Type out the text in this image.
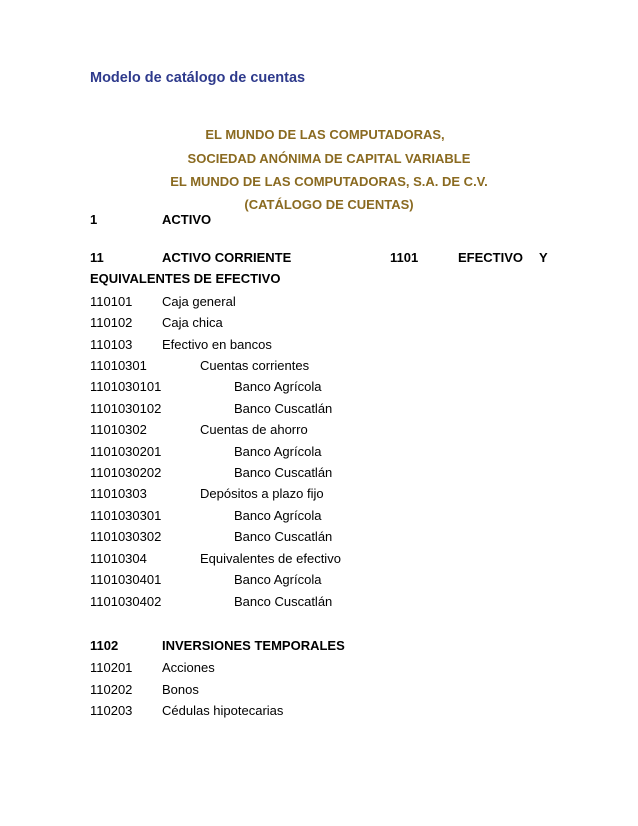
Modelo de catálogo de cuentas
EL MUNDO DE LAS COMPUTADORAS,
SOCIEDAD ANÓNIMA DE CAPITAL VARIABLE
EL MUNDO DE LAS COMPUTADORAS, S.A. DE C.V.
(CATÁLOGO DE CUENTAS)
1	ACTIVO
11	ACTIVO CORRIENTE	1101	EFECTIVO Y
EQUIVALENTES DE EFECTIVO
110101 Caja general
110102 Caja chica
110103 Efectivo en bancos
11010301	Cuentas corrientes
1101030101	Banco Agrícola
1101030102	Banco Cuscatlán
11010302	Cuentas de ahorro
1101030201	Banco Agrícola
1101030202	Banco Cuscatlán
11010303	Depósitos a plazo fijo
1101030301	Banco Agrícola
1101030302	Banco Cuscatlán
11010304	Equivalentes de efectivo
1101030401	Banco Agrícola
1101030402	Banco Cuscatlán
1102	INVERSIONES TEMPORALES
110201 Acciones
110202 Bonos
110203 Cédulas hipotecarias
